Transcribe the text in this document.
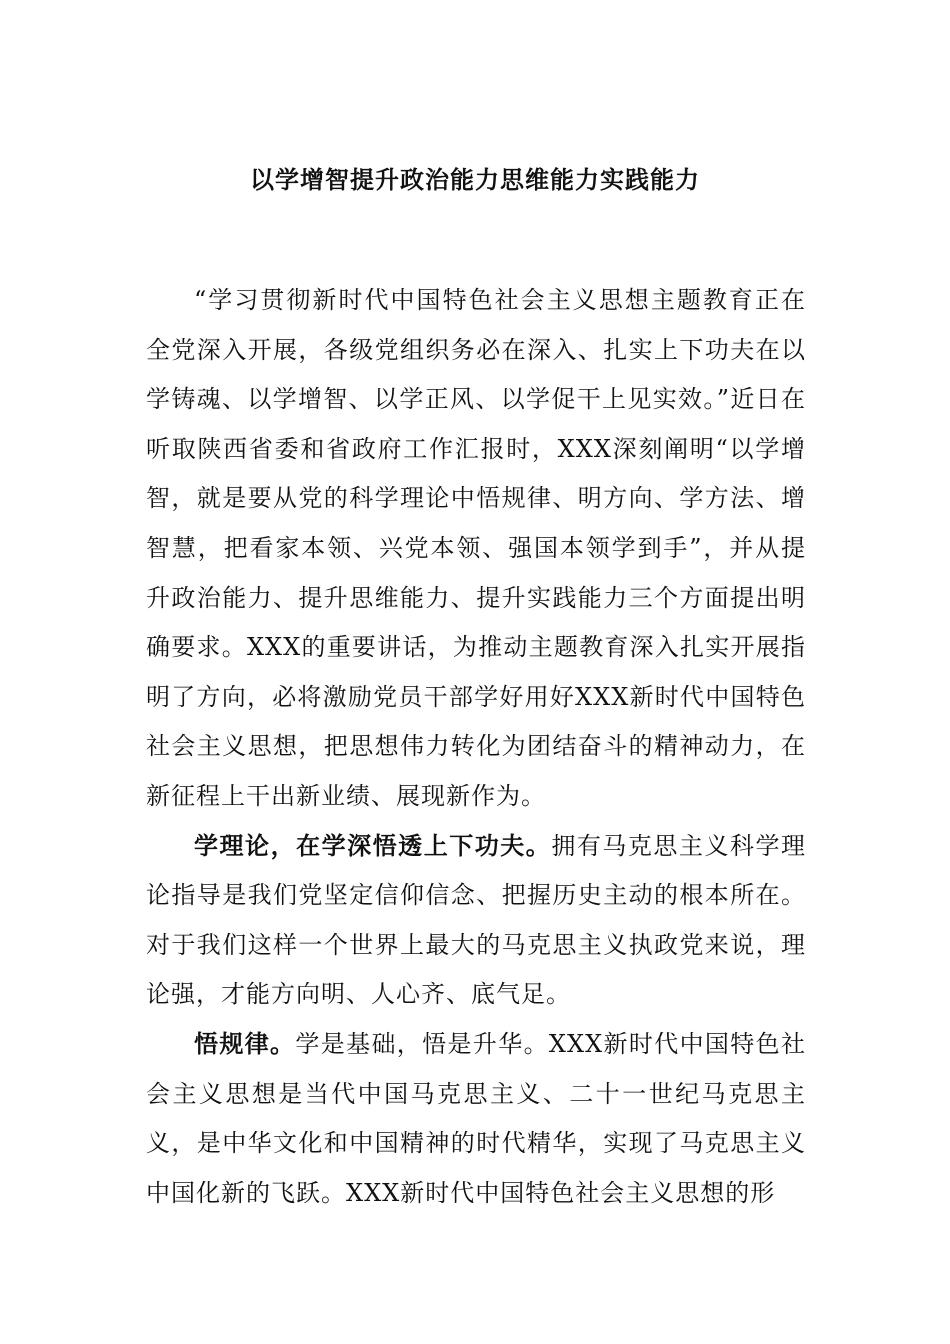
以学增智提升政治能力思维能力实践能力

“学习贯彻新时代中国特色社会主义思想主题教育正在全党深入开展，各级党组织务必在深入、扎实上下功夫在以学铸魂、以学增智、以学正风、以学促干上见实效。”近日在听取陕西省委和省政府工作汇报时，XXX深刻阐明“以学增智，就是要从党的科学理论中悟规律、明方向、学方法、增智慧，把看家本领、兴党本领、强国本领学到手”，并从提升政治能力、提升思维能力、提升实践能力三个方面提出明确要求。XXX的重要讲话，为推动主题教育深入扎实开展指明了方向，必将激励党员干部学好用好XXX新时代中国特色社会主义思想，把思想伟力转化为团结奋斗的精神动力，在新征程上干出新业绩、展现新作为。

学理论，在学深悟透上下功夫。拥有马克思主义科学理论指导是我们党坚定信仰信念、把握历史主动的根本所在。对于我们这样一个世界上最大的马克思主义执政党来说，理论强，才能方向明、人心齐、底气足。

悟规律。学是基础，悟是升华。XXX新时代中国特色社会主义思想是当代中国马克思主义、二十一世纪马克思主义，是中华文化和中国精神的时代精华，实现了马克思主义中国化新的飞跃。XXX新时代中国特色社会主义思想的形
